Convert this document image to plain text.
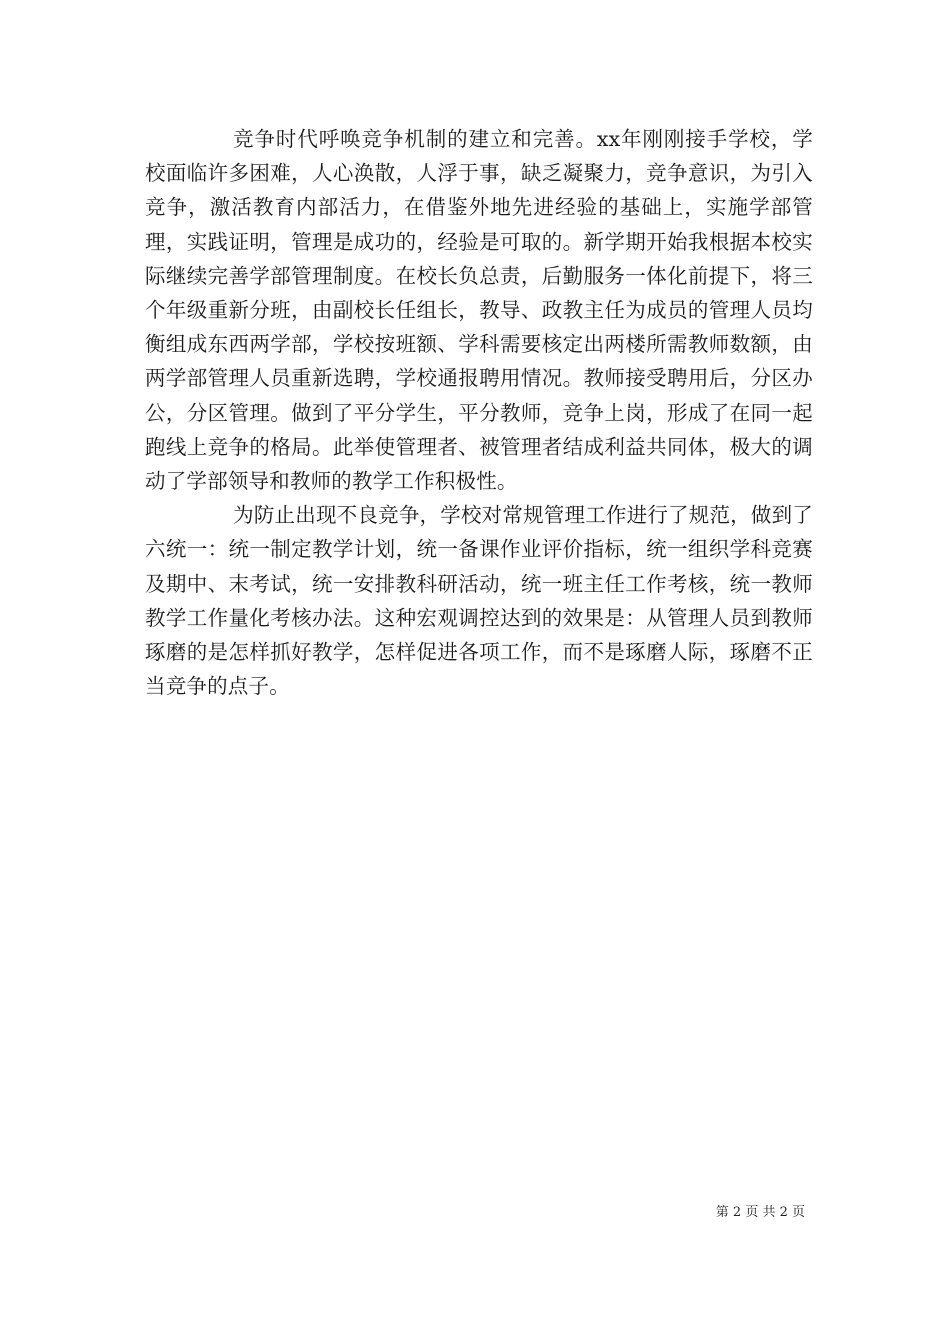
竞争时代呼唤竞争机制的建立和完善。xx年刚刚接手学校，学校面临许多困难，人心涣散，人浮于事，缺乏凝聚力，竞争意识，为引入竞争，激活教育内部活力，在借鉴外地先进经验的基础上，实施学部管理，实践证明，管理是成功的，经验是可取的。新学期开始我根据本校实际继续完善学部管理制度。在校长负总责，后勤服务一体化前提下，将三个年级重新分班，由副校长任组长，教导、政教主任为成员的管理人员均衡组成东西两学部，学校按班额、学科需要核定出两楼所需教师数额，由两学部管理人员重新选聘，学校通报聘用情况。教师接受聘用后，分区办公，分区管理。做到了平分学生，平分教师，竞争上岗，形成了在同一起跑线上竞争的格局。此举使管理者、被管理者结成利益共同体，极大的调动了学部领导和教师的教学工作积极性。

为防止出现不良竞争，学校对常规管理工作进行了规范，做到了六统一：统一制定教学计划，统一备课作业评价指标，统一组织学科竞赛及期中、末考试，统一安排教科研活动，统一班主任工作考核，统一教师教学工作量化考核办法。这种宏观调控达到的效果是：从管理人员到教师琢磨的是怎样抓好教学，怎样促进各项工作，而不是琢磨人际，琢磨不正当竞争的点子。

第 2 页 共 2 页
